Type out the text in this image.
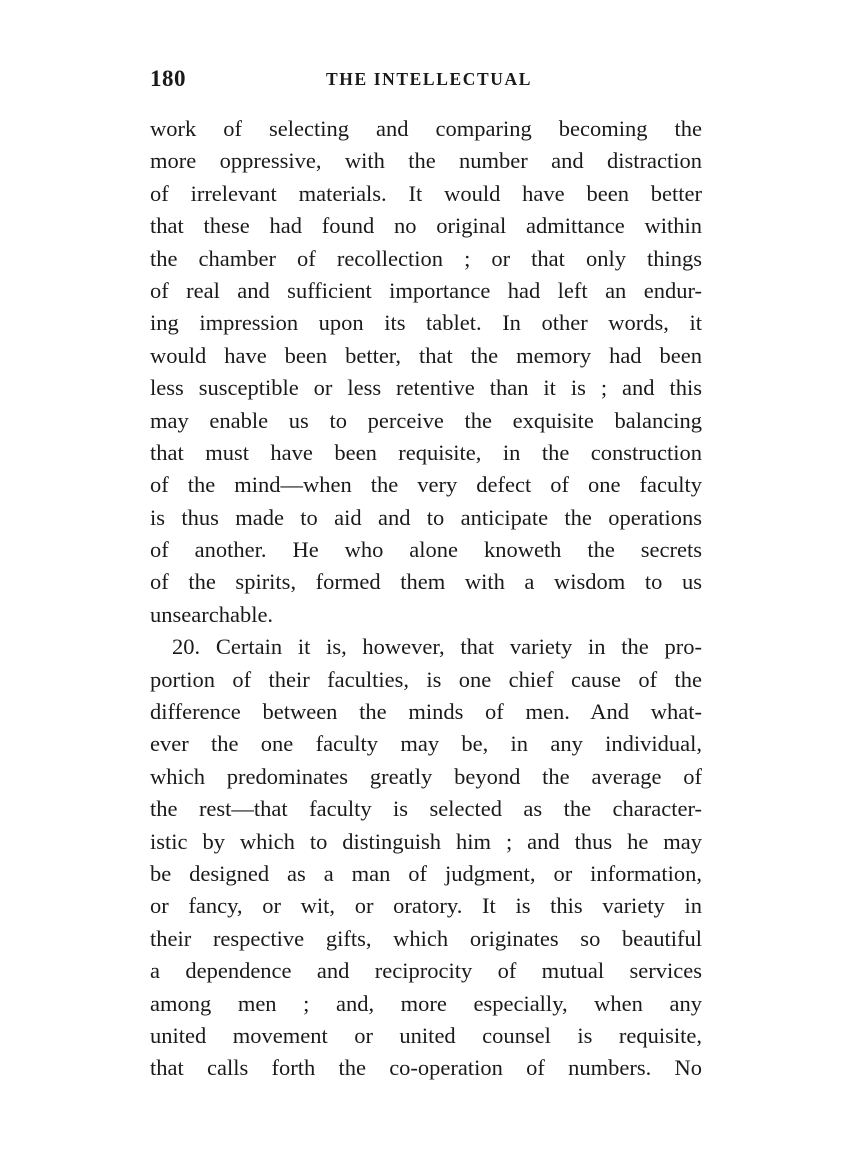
180	THE INTELLECTUAL
work of selecting and comparing becoming the
more oppressive, with the number and distraction
of irrelevant materials. It would have been better
that these had found no original admittance within
the chamber of recollection ; or that only things
of real and sufficient importance had left an endur-
ing impression upon its tablet. In other words, it
would have been better, that the memory had been
less susceptible or less retentive than it is ; and this
may enable us to perceive the exquisite balancing
that must have been requisite, in the construction
of the mind—when the very defect of one faculty
is thus made to aid and to anticipate the operations
of another. He who alone knoweth the secrets
of the spirits, formed them with a wisdom to us
unsearchable.
20. Certain it is, however, that variety in the pro-
portion of their faculties, is one chief cause of the
difference between the minds of men. And what-
ever the one faculty may be, in any individual,
which predominates greatly beyond the average of
the rest—that faculty is selected as the character-
istic by which to distinguish him ; and thus he may
be designed as a man of judgment, or information,
or fancy, or wit, or oratory. It is this variety in
their respective gifts, which originates so beautiful
a dependence and reciprocity of mutual services
among men ; and, more especially, when any
united movement or united counsel is requisite,
that calls forth the co-operation of numbers. No
